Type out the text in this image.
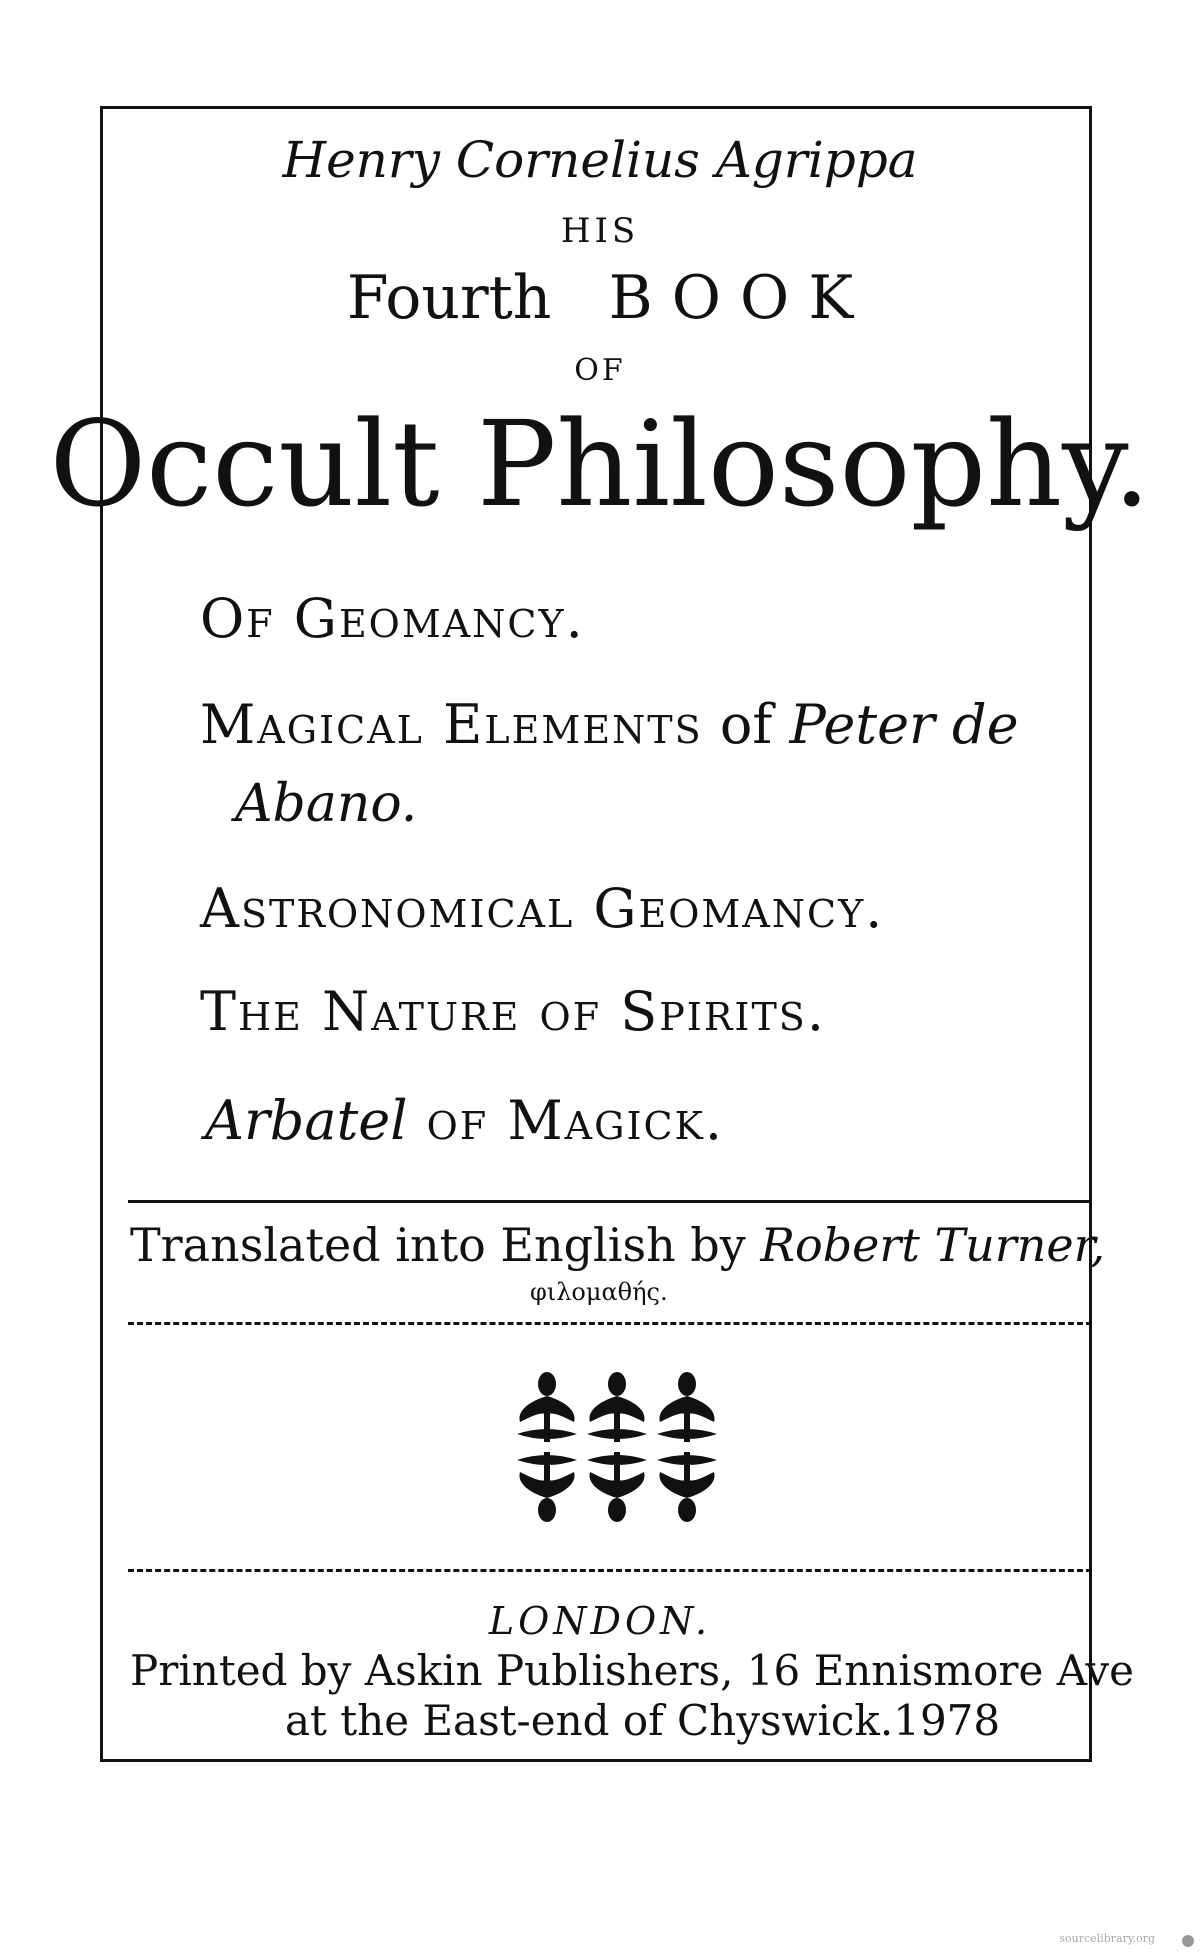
Henry Cornelius Agrippa
HIS
Fourth B O O K
OF
Occult Philosophy.
Of Geomancy.
Magical Elements of Peter de
Abano.
Astronomical Geomancy.
The Nature of Spirits.
Arbatel of Magick.
Translated into English by Robert Turner,
φιλομαθής.
LONDON.
Printed by Askin Publishers, 16 Ennismore Ave
at the East-end of Chyswick.1978
sourcelibrary.org
